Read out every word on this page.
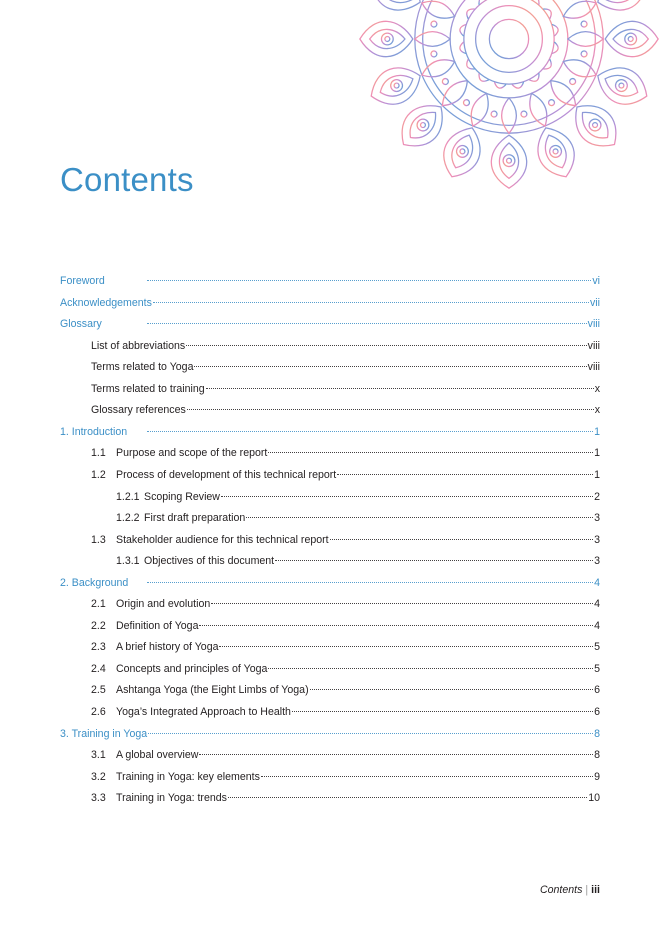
Contents
Foreword	vi
Acknowledgements	vii
Glossary	viii
List of abbreviations	viii
Terms related to Yoga	viii
Terms related to training	x
Glossary references	x
1. Introduction	1
1.1 Purpose and scope of the report	1
1.2 Process of development of this technical report	1
1.2.1 Scoping Review	2
1.2.2 First draft preparation	3
1.3 Stakeholder audience for this technical report	3
1.3.1 Objectives of this document	3
2. Background	4
2.1 Origin and evolution	4
2.2 Definition of Yoga	4
2.3 A brief history of Yoga	5
2.4 Concepts and principles of Yoga	5
2.5 Ashtanga Yoga (the Eight Limbs of Yoga)	6
2.6 Yoga’s Integrated Approach to Health	6
3. Training in Yoga	8
3.1 A global overview	8
3.2 Training in Yoga: key elements	9
3.3 Training in Yoga: trends	10
Contents | iii
